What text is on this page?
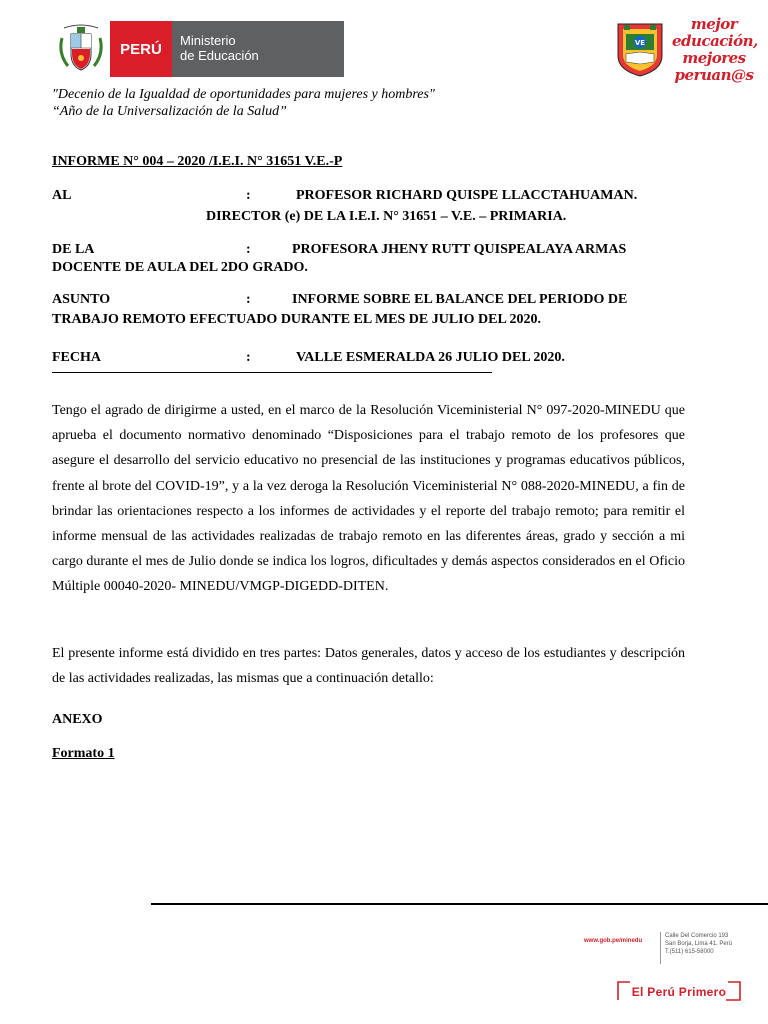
PERÚ Ministerio
de Educación
VE
mejor
educación,
mejores
peruan@s
"Decenio de la Igualdad de oportunidades para mujeres y hombres"
“Año de la Universalización de la Salud”
INFORME N° 004 – 2020 /I.E.I. N° 31651 V.E.-P
AL	:	PROFESOR RICHARD QUISPE LLACCTAHUAMAN.
DIRECTOR (e) DE LA I.E.I. N° 31651 – V.E. – PRIMARIA.
DE LA	:	PROFESORA JHENY RUTT QUISPEALAYA ARMAS
DOCENTE DE AULA DEL 2DO GRADO.
ASUNTO	:	INFORME SOBRE EL BALANCE DEL PERIODO DE
TRABAJO REMOTO EFECTUADO DURANTE EL MES DE JULIO DEL 2020.
FECHA	:	VALLE ESMERALDA 26 JULIO DEL 2020.
Tengo el agrado de dirigirme a usted, en el marco de la Resolución Viceministerial N° 097-2020-MINEDU que aprueba el documento normativo denominado “Disposiciones para el trabajo remoto de los profesores que asegure el desarrollo del servicio educativo no presencial de las instituciones y programas educativos públicos, frente al brote del COVID-19”, y a la vez deroga la Resolución Viceministerial N° 088-2020-MINEDU, a fin de brindar las orientaciones respecto a los informes de actividades y el reporte del trabajo remoto; para remitir el informe mensual de las actividades realizadas de trabajo remoto en las diferentes áreas, grado y sección a mi cargo durante el mes de Julio donde se indica los logros, dificultades y demás aspectos considerados en el Oficio Múltiple 00040-2020- MINEDU/VMGP-DIGEDD-DITEN.
El presente informe está dividido en tres partes: Datos generales, datos y acceso de los estudiantes y descripción de las actividades realizadas, las mismas que a continuación detallo:
ANEXO
Formato 1
www.gob.pe/minedu
Calle Del Comercio 193
San Borja, Lima 41, Perú
T.(511) 615-58000
El Perú Primero
